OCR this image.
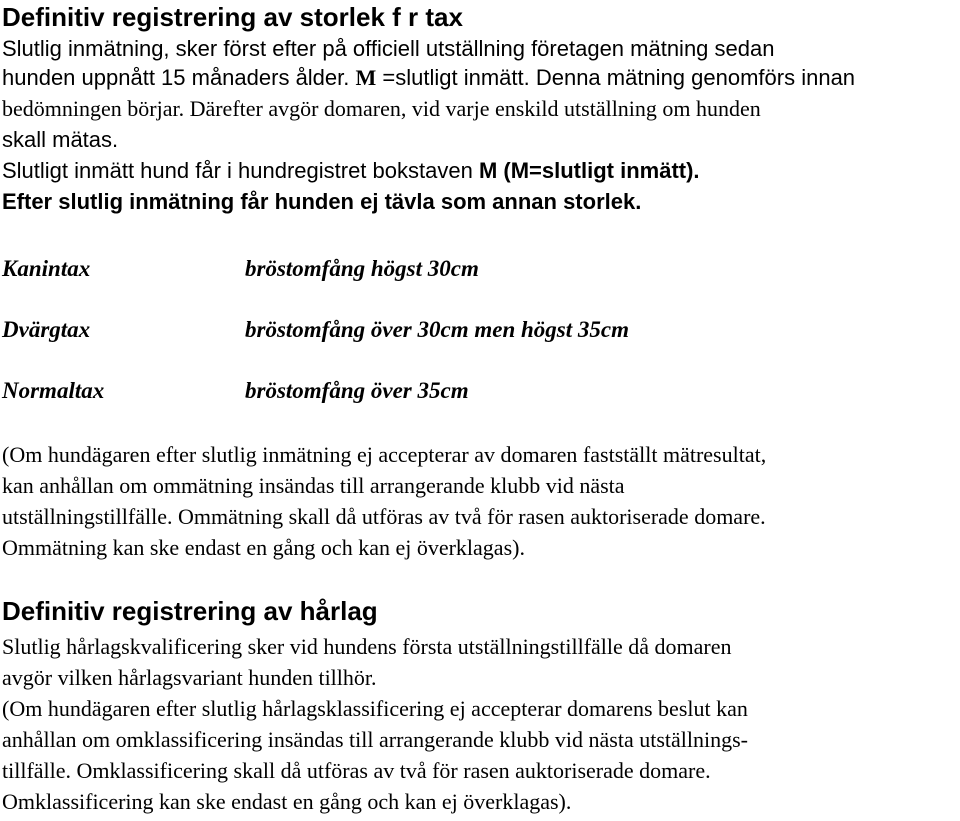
Definitiv registrering av storlek f r tax
Slutlig inmätning, sker först efter på officiell utställning företagen mätning sedan
hunden uppnått 15 månaders ålder. M =slutligt inmätt. Denna mätning genomförs innan
bedömningen börjar. Därefter avgör domaren, vid varje enskild utställning om hunden
skall mätas.
Slutligt inmätt hund får i hundregistret bokstaven M (M=slutligt inmätt).
Efter slutlig inmätning får hunden ej tävla som annan storlek.
Kanintax	bröstomfång högst 30cm
Dvärgtax	bröstomfång över 30cm men högst 35cm
Normaltax	bröstomfång över 35cm
(Om hundägaren efter slutlig inmätning ej accepterar av domaren fastställt mätresultat,
kan anhållan om ommätning insändas till arrangerande klubb vid nästa
utställningstillfälle. Ommätning skall då utföras av två för rasen auktoriserade domare.
Ommätning kan ske endast en gång och kan ej överklagas).
Definitiv registrering av hårlag
Slutlig hårlagskvalificering sker vid hundens första utställningstillfälle då domaren
avgör vilken hårlagsvariant hunden tillhör.
(Om hundägaren efter slutlig hårlagsklassificering ej accepterar domarens beslut kan
anhållan om omklassificering insändas till arrangerande klubb vid nästa utställnings-
tillfälle. Omklassificering skall då utföras av två för rasen auktoriserade domare.
Omklassificering kan ske endast en gång och kan ej överklagas).
